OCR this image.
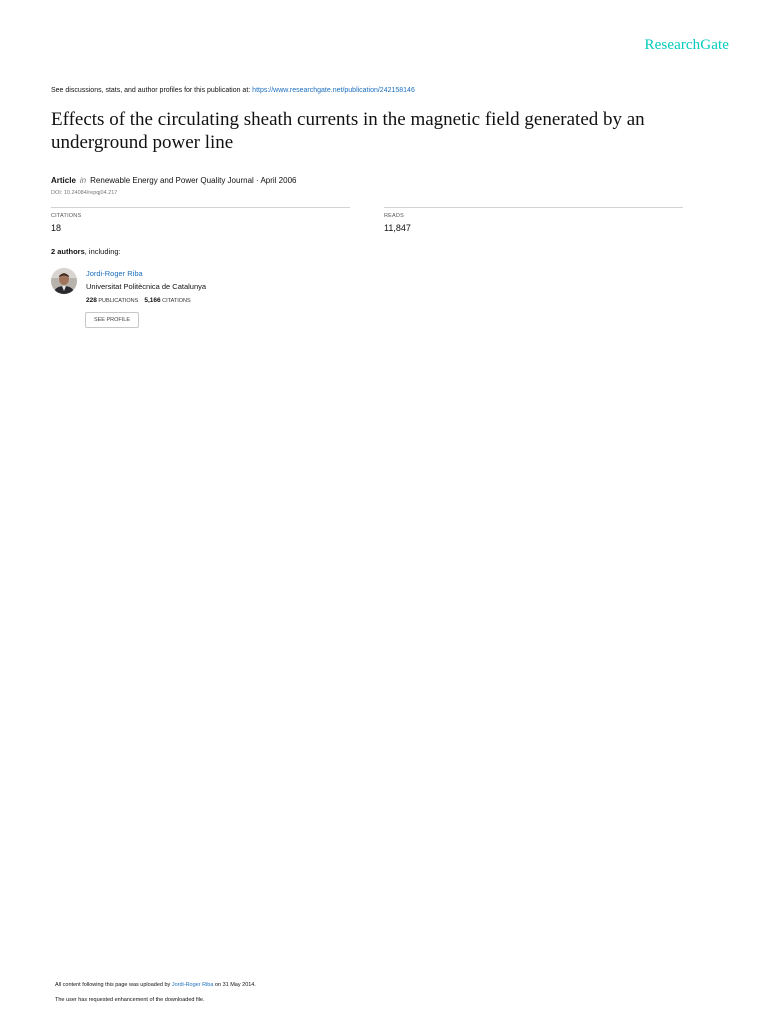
ResearchGate
See discussions, stats, and author profiles for this publication at: https://www.researchgate.net/publication/242158146
Effects of the circulating sheath currents in the magnetic field generated by an underground power line
Article in Renewable Energy and Power Quality Journal · April 2006
DOI: 10.24084/repqj04.217
CITATIONS
18
READS
11,847
2 authors, including:
Jordi-Roger Riba
Universitat Politècnica de Catalunya
228 PUBLICATIONS 5,166 CITATIONS
SEE PROFILE
All content following this page was uploaded by Jordi-Roger Riba on 31 May 2014.
The user has requested enhancement of the downloaded file.
